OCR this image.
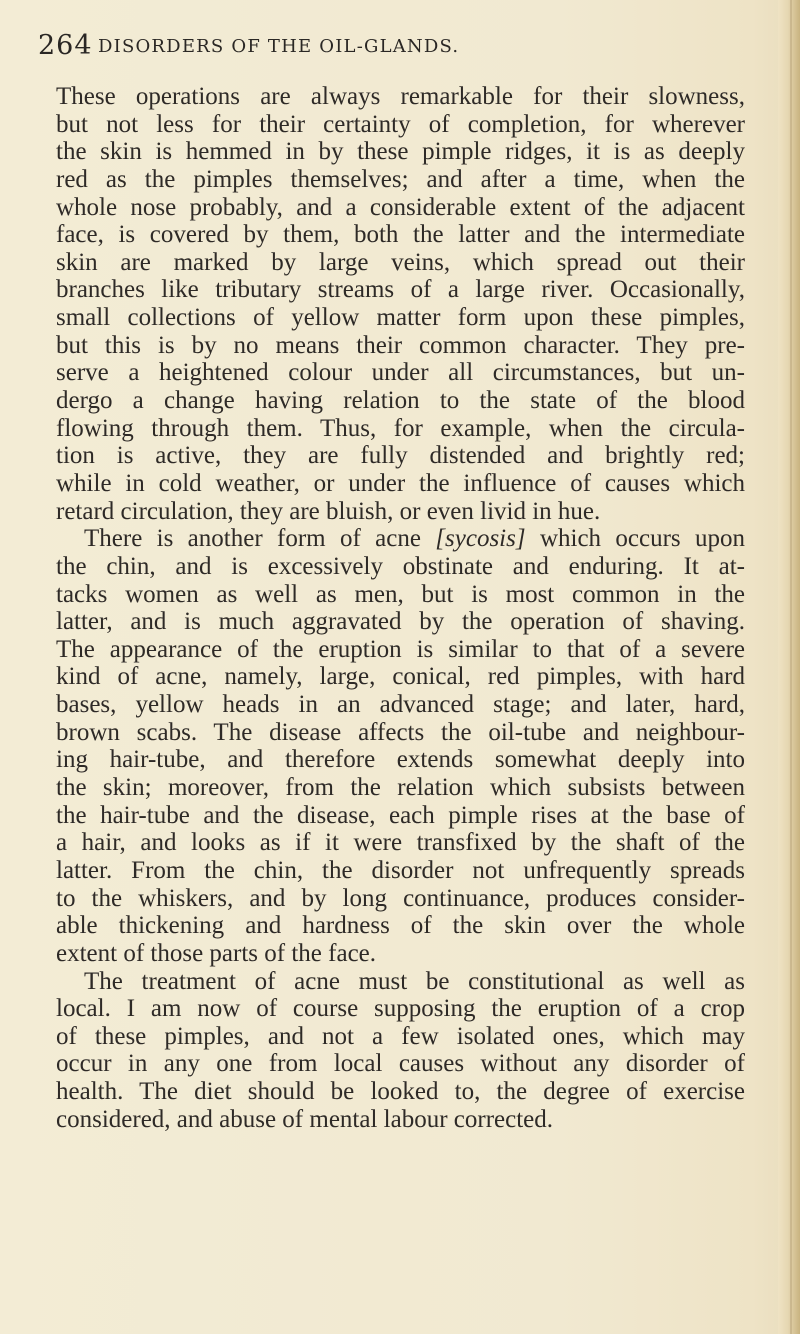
264 DISORDERS OF THE OIL-GLANDS.
These operations are always remarkable for their slowness,
but not less for their certainty of completion, for wherever
the skin is hemmed in by these pimple ridges, it is as deeply
red as the pimples themselves; and after a time, when the
whole nose probably, and a considerable extent of the adjacent
face, is covered by them, both the latter and the intermediate
skin are marked by large veins, which spread out their
branches like tributary streams of a large river. Occasionally,
small collections of yellow matter form upon these pimples,
but this is by no means their common character. They pre-
serve a heightened colour under all circumstances, but un-
dergo a change having relation to the state of the blood
flowing through them. Thus, for example, when the circula-
tion is active, they are fully distended and brightly red;
while in cold weather, or under the influence of causes which
retard circulation, they are bluish, or even livid in hue.
There is another form of acne [sycosis] which occurs upon
the chin, and is excessively obstinate and enduring. It at-
tacks women as well as men, but is most common in the
latter, and is much aggravated by the operation of shaving.
The appearance of the eruption is similar to that of a severe
kind of acne, namely, large, conical, red pimples, with hard
bases, yellow heads in an advanced stage; and later, hard,
brown scabs. The disease affects the oil-tube and neighbour-
ing hair-tube, and therefore extends somewhat deeply into
the skin; moreover, from the relation which subsists between
the hair-tube and the disease, each pimple rises at the base of
a hair, and looks as if it were transfixed by the shaft of the
latter. From the chin, the disorder not unfrequently spreads
to the whiskers, and by long continuance, produces consider-
able thickening and hardness of the skin over the whole
extent of those parts of the face.
The treatment of acne must be constitutional as well as
local. I am now of course supposing the eruption of a crop
of these pimples, and not a few isolated ones, which may
occur in any one from local causes without any disorder of
health. The diet should be looked to, the degree of exercise
considered, and abuse of mental labour corrected.
